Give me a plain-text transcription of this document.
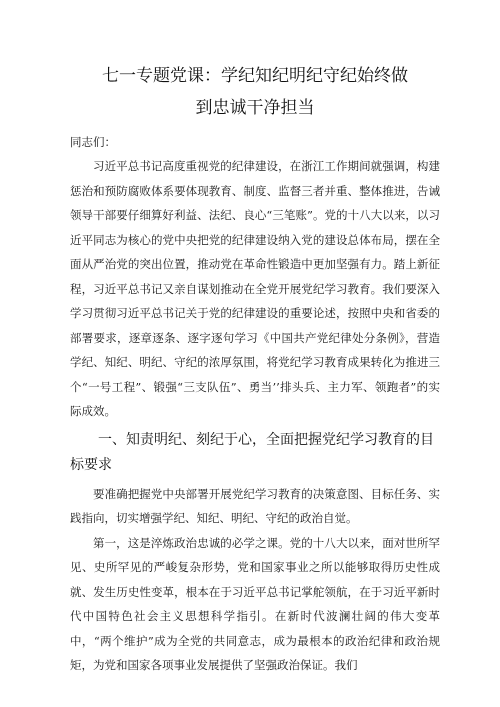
七一专题党课：学纪知纪明纪守纪始终做
到忠诚干净担当

同志们：

习近平总书记高度重视党的纪律建设，在浙江工作期间就强调，构建惩治和预防腐败体系要体现教育、制度、监督三者并重、整体推进，告诫领导干部要仔细算好利益、法纪、良心“三笔账”。党的十八大以来，以习近平同志为核心的党中央把党的纪律建设纳入党的建设总体布局，摆在全面从严治党的突出位置，推动党在革命性锻造中更加坚强有力。踏上新征程，习近平总书记又亲自谋划推动在全党开展党纪学习教育。我们要深入学习贯彻习近平总书记关于党的纪律建设的重要论述，按照中央和省委的部署要求，逐章逐条、逐字逐句学习《中国共产党纪律处分条例》，营造学纪、知纪、明纪、守纪的浓厚氛围，将党纪学习教育成果转化为推进三个“一号工程”、锻强“三支队伍”、勇当’’排头兵、主力军、领跑者”的实际成效。

一、知责明纪、刻纪于心，全面把握党纪学习教育的目标要求

要准确把握党中央部署开展党纪学习教育的决策意图、目标任务、实践指向，切实增强学纪、知纪、明纪、守纪的政治自觉。

第一，这是淬炼政治忠诚的必学之课。党的十八大以来，面对世所罕见、史所罕见的严峻复杂形势，党和国家事业之所以能够取得历史性成就、发生历史性变革，根本在于习近平总书记掌舵领航，在于习近平新时代中国特色社会主义思想科学指引。在新时代波澜壮阔的伟大变革中，“两个维护”成为全党的共同意志，成为最根本的政治纪律和政治规矩，为党和国家各项事业发展提供了坚强政治保证。我们
